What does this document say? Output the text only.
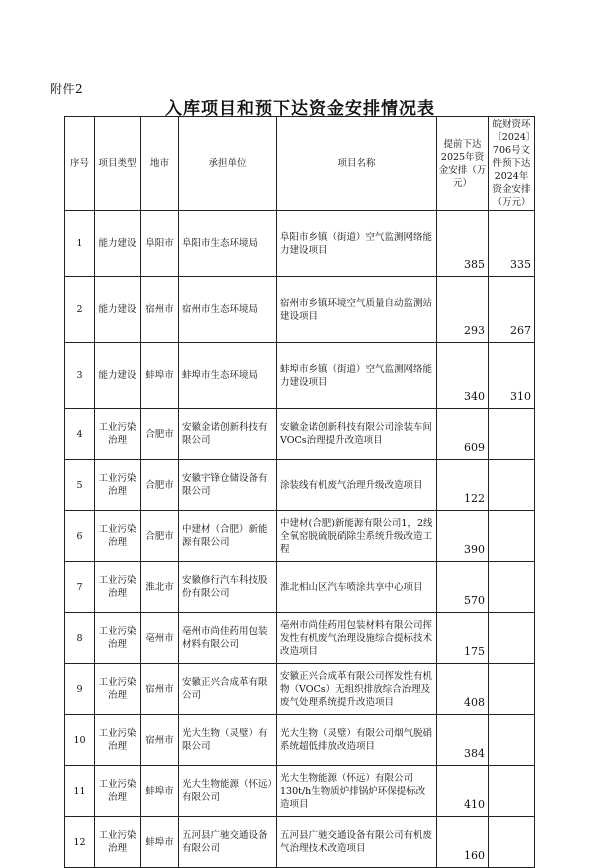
附件2
入库项目和预下达资金安排情况表
序号	项目类型	地市	承担单位	项目名称	提前下达2025年资金安排（万元）	皖财资环〔2024〕706号文件预下达2024年资金安排（万元）
1	能力建设	阜阳市	阜阳市生态环境局	阜阳市乡镇（街道）空气监测网络能力建设项目	385	335
2	能力建设	宿州市	宿州市生态环境局	宿州市乡镇环境空气质量自动监测站建设项目	293	267
3	能力建设	蚌埠市	蚌埠市生态环境局	蚌埠市乡镇（街道）空气监测网络能力建设项目	340	310
4	工业污染治理	合肥市	安徽金诺创新科技有限公司	安徽金诺创新科技有限公司涂装车间VOCs治理提升改造项目	609	
5	工业污染治理	合肥市	安徽宇锋仓储设备有限公司	涂装线有机废气治理升级改造项目	122	
6	工业污染治理	合肥市	中建材（合肥）新能源有限公司	中建材(合肥)新能源有限公司1，2线全氧窑脱硫脱硝除尘系统升级改造工程	390	
7	工业污染治理	淮北市	安徽修行汽车科技股份有限公司	淮北相山区汽车喷涂共享中心项目	570	
8	工业污染治理	亳州市	亳州市尚佳药用包装材料有限公司	亳州市尚佳药用包装材料有限公司挥发性有机废气治理设施综合提标技术改造项目	175	
9	工业污染治理	宿州市	安徽正兴合成革有限公司	安徽正兴合成革有限公司挥发性有机物（VOCs）无组织排放综合治理及废气处理系统提升改造项目	408	
10	工业污染治理	宿州市	光大生物（灵璧）有限公司	光大生物（灵璧）有限公司烟气脱硝系统超低排放改造项目	384	
11	工业污染治理	蚌埠市	光大生物能源（怀远）有限公司	光大生物能源（怀远）有限公司130t/h生物质炉排锅炉环保提标改造项目	410	
12	工业污染治理	蚌埠市	五河县广驰交通设备有限公司	五河县广驰交通设备有限公司有机废气治理技术改造项目	160	
